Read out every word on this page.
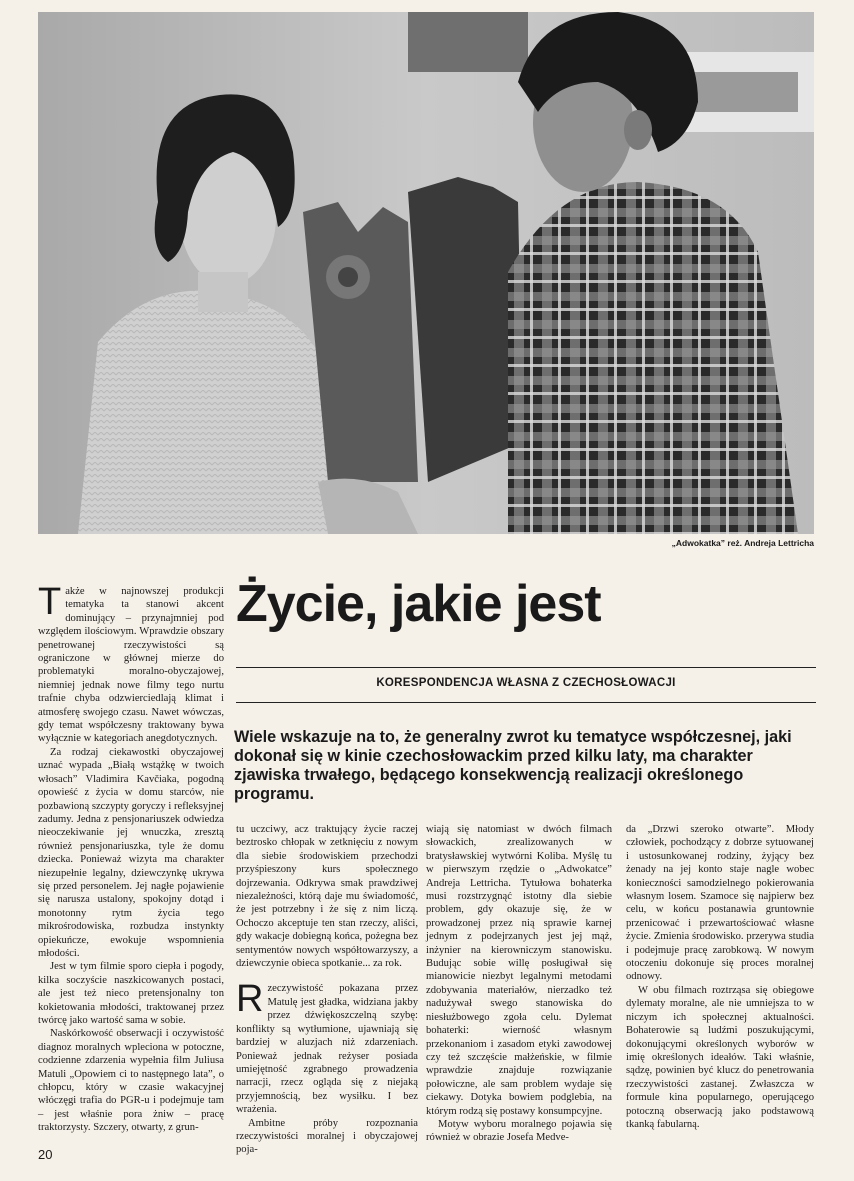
„Adwokatka” reż. Andreja Lettricha

Także w najnowszej produkcji tematyka ta stanowi akcent dominujący – przynajmniej pod względem ilościowym. Wprawdzie obszary penetrowanej rzeczywistości są ograniczone w głównej mierze do problematyki moralno-obyczajowej, niemniej jednak nowe filmy tego nurtu trafnie chyba odzwierciedlają klimat i atmosferę swojego czasu. Nawet wówczas, gdy temat współczesny traktowany bywa wyłącznie w kategoriach anegdotycznych.

Za rodzaj ciekawostki obyczajowej uznać wypada „Białą wstążkę w twoich włosach” Vladimira Kavčiaka, pogodną opowieść z życia w domu starców, nie pozbawioną szczypty goryczy i refleksyjnej zadumy. Jedna z pensjonariuszek odwiedza nieoczekiwanie jej wnuczka, zresztą również pensjonariuszka, tyle że domu dziecka. Ponieważ wizyta ma charakter niezupełnie legalny, dziewczynkę ukrywa się przed personelem. Jej nagłe pojawienie się narusza ustalony, spokojny dotąd i monotonny rytm życia tego mikrośrodowiska, rozbudza instynkty opiekuńcze, ewokuje wspomnienia młodości.

Jest w tym filmie sporo ciepła i pogody, kilka soczyście naszkicowanych postaci, ale jest też nieco pretensjonalny ton kokietowania młodości, traktowanej przez twórcę jako wartość sama w sobie.

Naskórkowość obserwacji i oczywistość diagnoz moralnych wpleciona w potoczne, codzienne zdarzenia wypełnia film Juliusa Matuli „Opowiem ci to następnego lata”, o chłopcu, który w czasie wakacyjnej włóczęgi trafia do PGR-u i podejmuje tam – jest właśnie pora żniw – pracę traktorzysty. Szczery, otwarty, z grun-

Życie, jakie jest
KORESPONDENCJA WŁASNA Z CZECHOSŁOWACJI

Wiele wskazuje na to, że generalny zwrot ku tematyce współczesnej, jaki dokonał się w kinie czechosłowackim przed kilku laty, ma charakter zjawiska trwałego, będącego konsekwencją realizacji określonego programu.

tu uczciwy, acz traktujący życie raczej beztrosko chłopak w zetknięciu z nowym dla siebie środowiskiem przechodzi przyśpieszony kurs społecznego dojrzewania. Odkrywa smak prawdziwej niezależności, którą daje mu świadomość, że jest potrzebny i że się z nim liczą. Ochoczo akceptuje ten stan rzeczy, aliści, gdy wakacje dobiegną końca, pożegna bez sentymentów nowych współtowarzyszy, a dziewczynie obieca spotkanie... za rok.

Rzeczywistość pokazana przez Matulę jest gładka, widziana jakby przez dźwiękoszczelną szybę: konflikty są wytłumione, ujawniają się bardziej w aluzjach niż zdarzeniach. Ponieważ jednak reżyser posiada umiejętność zgrabnego prowadzenia narracji, rzecz ogląda się z niejaką przyjemnością, bez wysiłku. I bez wrażenia.

Ambitne próby rozpoznania rzeczywistości moralnej i obyczajowej poja-

wiają się natomiast w dwóch filmach słowackich, zrealizowanych w bratysławskiej wytwórni Koliba. Myślę tu w pierwszym rzędzie o „Adwokatce” Andreja Lettricha. Tytułowa bohaterka musi rozstrzygnąć istotny dla siebie problem, gdy okazuje się, że w prowadzonej przez nią sprawie karnej jednym z podejrzanych jest jej mąż, inżynier na kierowniczym stanowisku. Budując sobie willę posługiwał się mianowicie niezbyt legalnymi metodami zdobywania materiałów, nierzadko też nadużywał swego stanowiska do niesłużbowego zgoła celu. Dylemat bohaterki: wierność własnym przekonaniom i zasadom etyki zawodowej czy też szczęście małżeńskie, w filmie wprawdzie znajduje rozwiązanie połowiczne, ale sam problem wydaje się ciekawy. Dotyka bowiem podglebia, na którym rodzą się postawy konsumpcyjne.

Motyw wyboru moralnego pojawia się również w obrazie Josefa Medve-

da „Drzwi szeroko otwarte”. Młody człowiek, pochodzący z dobrze sytuowanej i ustosunkowanej rodziny, żyjący bez żenady na jej konto staje nagle wobec konieczności samodzielnego pokierowania własnym losem. Szamoce się najpierw bez celu, w końcu postanawia gruntownie przenicować i przewartościować własne życie. Zmienia środowisko. przerywa studia i podejmuje pracę zarobkową. W nowym otoczeniu dokonuje się proces moralnej odnowy.

W obu filmach roztrząsa się obiegowe dylematy moralne, ale nie umniejsza to w niczym ich społecznej aktualności. Bohaterowie są ludźmi poszukującymi, dokonującymi określonych wyborów w imię określonych ideałów. Taki właśnie, sądzę, powinien być klucz do penetrowania rzeczywistości zastanej. Zwłaszcza w formule kina popularnego, operującego potoczną obserwacją jako podstawową tkanką fabularną.

20
